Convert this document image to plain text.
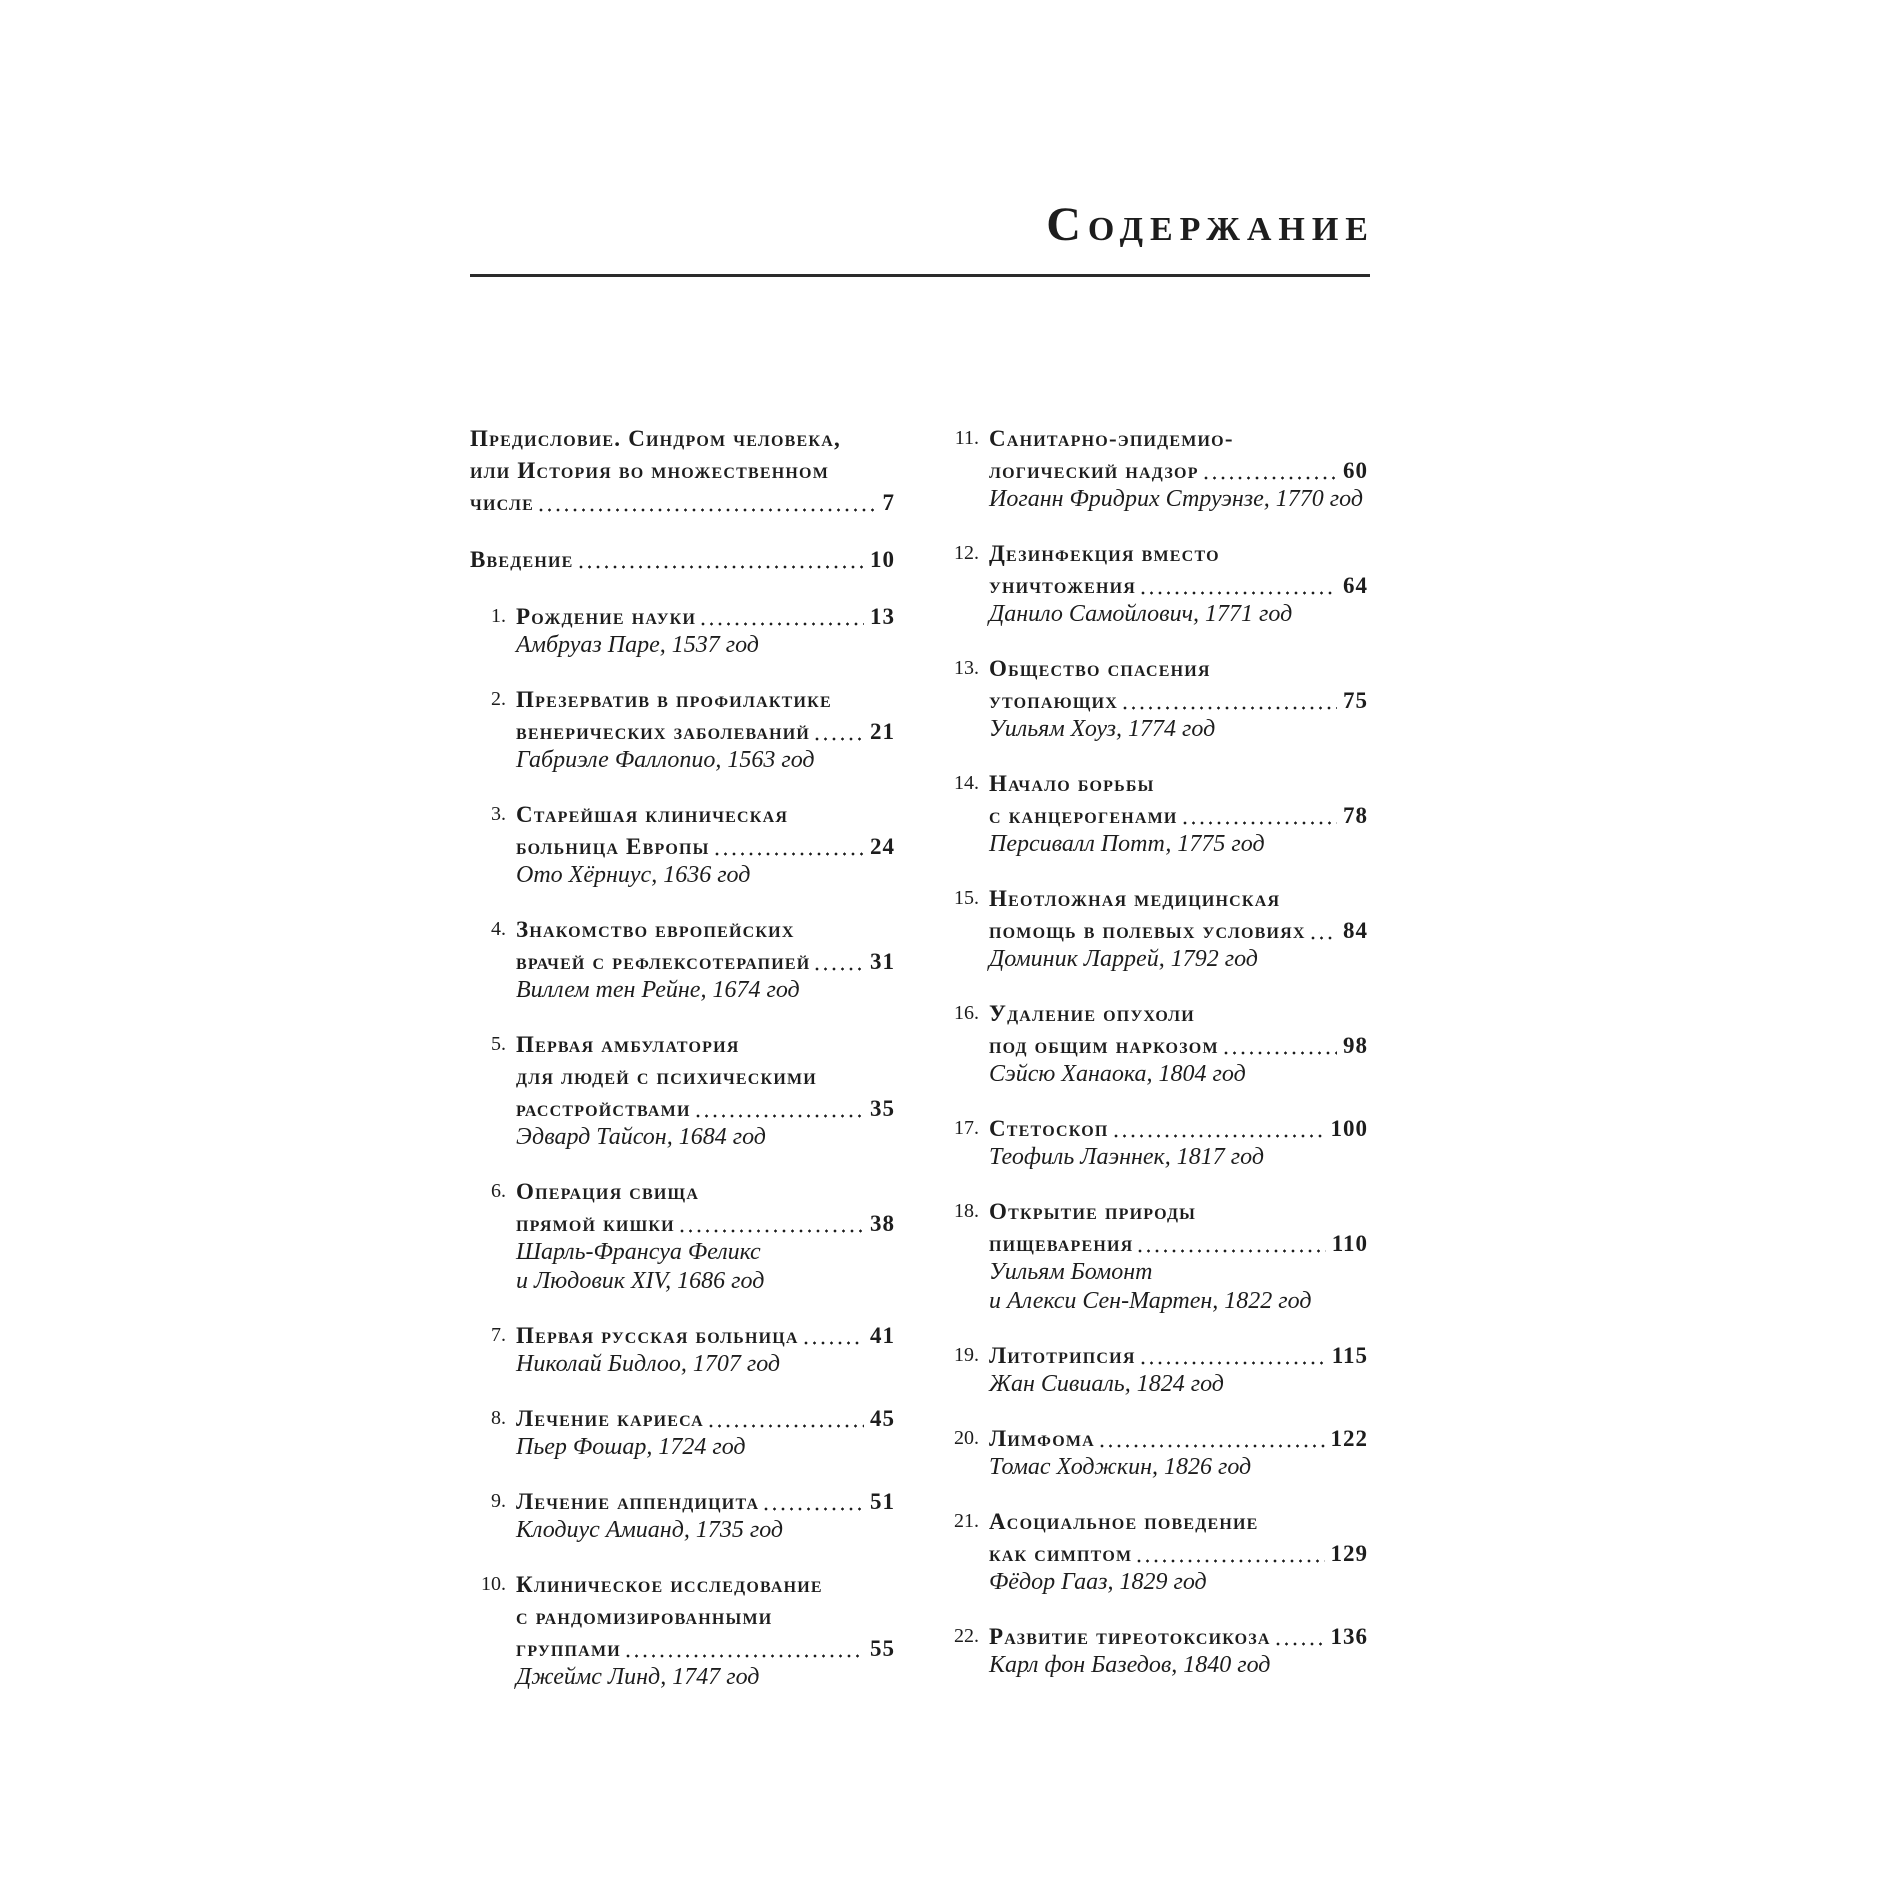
Содержание
Предисловие. Синдром человека,
или История во множественном
числе	7
Введение	10
1. Рождение науки	13
Амбруаз Паре, 1537 год
2. Презерватив в профилактике
венерических заболеваний	21
Габриэле Фаллопио, 1563 год
3. Старейшая клиническая
больница Европы	24
Ото Хёрниус, 1636 год
4. Знакомство европейских
врачей с рефлексотерапией	31
Виллем тен Рейне, 1674 год
5. Первая амбулатория
для людей с психическими
расстройствами	35
Эдвард Тайсон, 1684 год
6. Операция свища
прямой кишки	38
Шарль-Франсуа Феликс
и Людовик XIV, 1686 год
7. Первая русская больница	41
Николай Бидлоо, 1707 год
8. Лечение кариеса	45
Пьер Фошар, 1724 год
9. Лечение аппендицита	51
Клодиус Амианд, 1735 год
10. Клиническое исследование
с рандомизированными
группами	55
Джеймс Линд, 1747 год
11. Санитарно-эпидемио-
логический надзор	60
Иоганн Фридрих Струэнзе, 1770 год
12. Дезинфекция вместо
уничтожения	64
Данило Самойлович, 1771 год
13. Общество спасения
утопающих	75
Уильям Хоуз, 1774 год
14. Начало борьбы
с канцерогенами	78
Персивалл Потт, 1775 год
15. Неотложная медицинская
помощь в полевых условиях 84
Доминик Ларрей, 1792 год
16. Удаление опухоли
под общим наркозом	98
Сэйсю Ханаока, 1804 год
17. Стетоскоп	100
Теофиль Лаэннек, 1817 год
18. Открытие природы
пищеварения	110
Уильям Бомонт
и Алекси Сен-Мартен, 1822 год
19. Литотрипсия	115
Жан Сивиаль, 1824 год
20. Лимфома	122
Томас Ходжкин, 1826 год
21. Асоциальное поведение
как симптом	129
Фёдор Гааз, 1829 год
22. Развитие тиреотоксикоза	136
Карл фон Базедов, 1840 год
